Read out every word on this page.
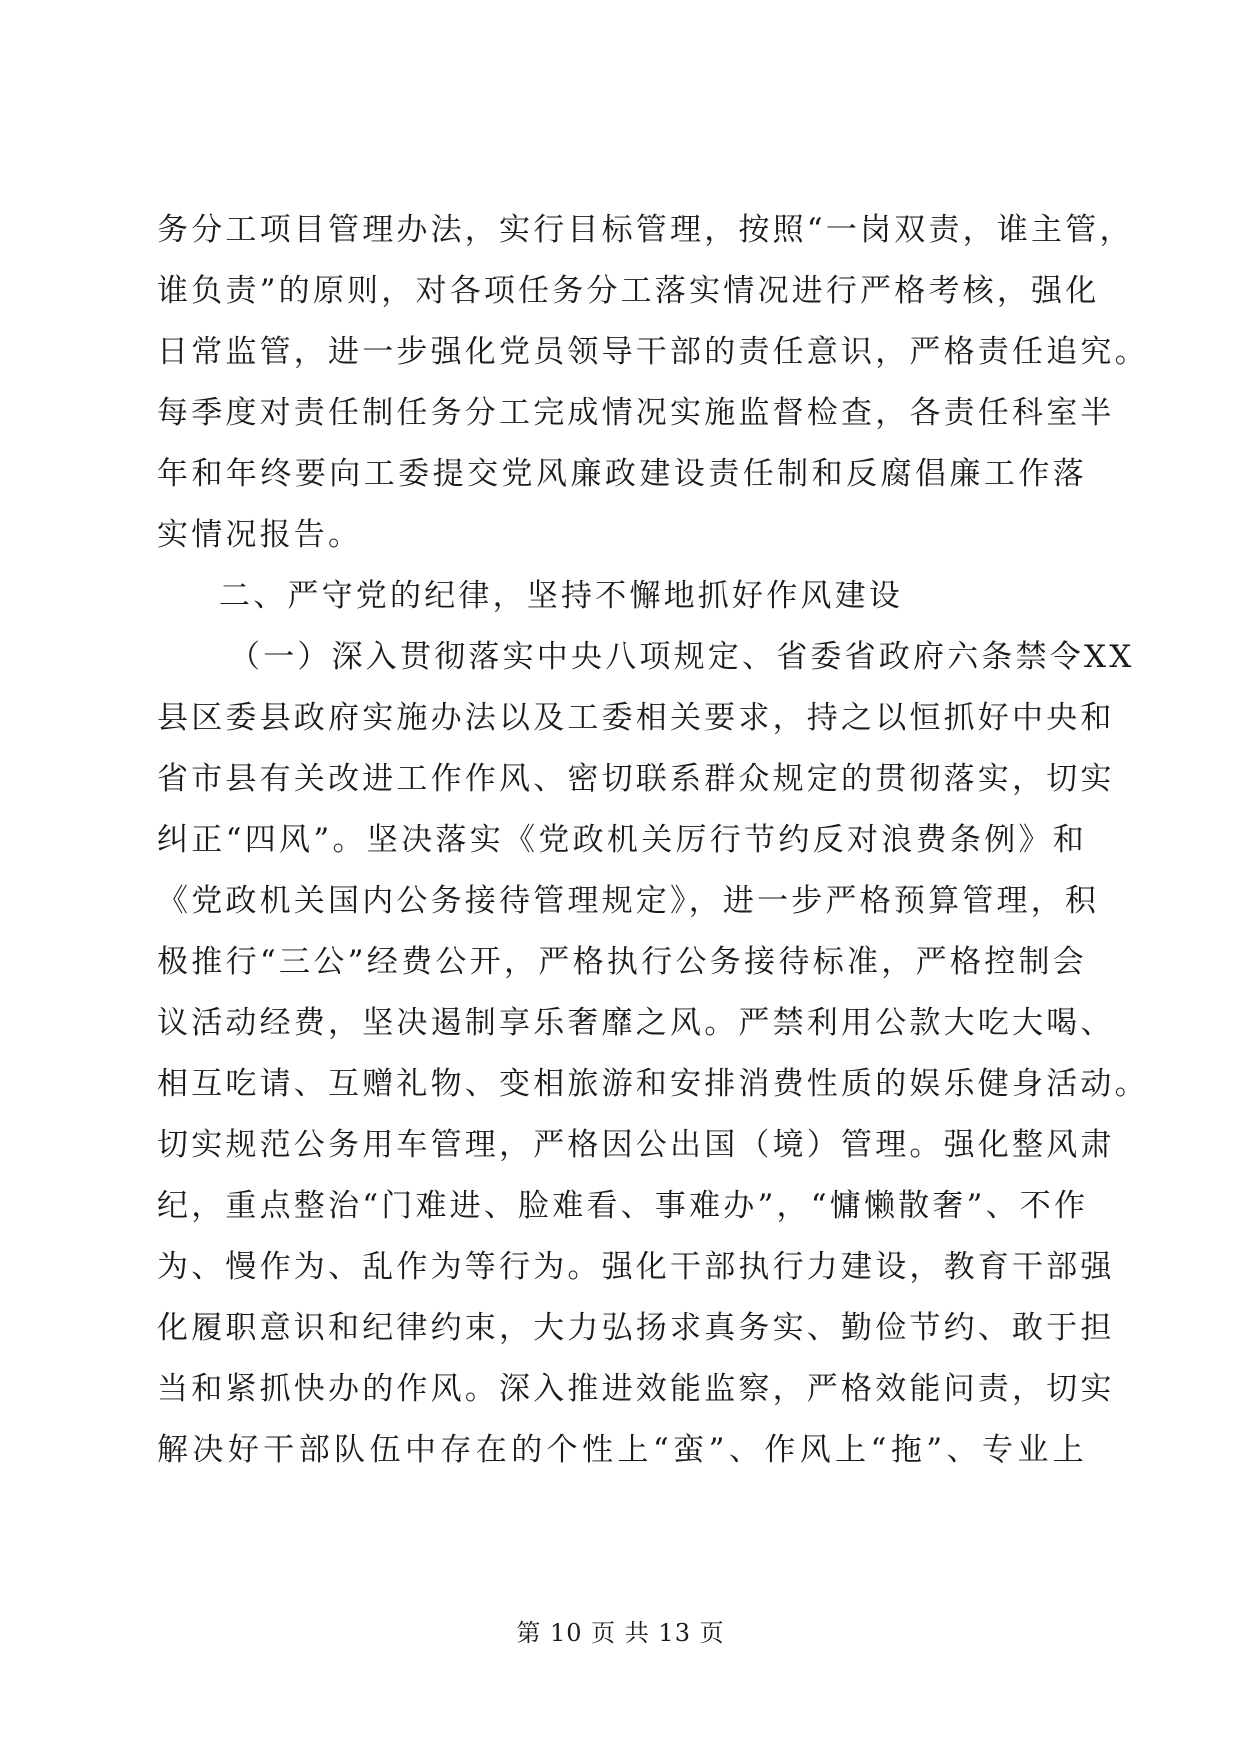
务分工项目管理办法，实行目标管理，按照“一岗双责，谁主管，
谁负责”的原则，对各项任务分工落实情况进行严格考核，强化
日常监管，进一步强化党员领导干部的责任意识，严格责任追究。
每季度对责任制任务分工完成情况实施监督检查，各责任科室半
年和年终要向工委提交党风廉政建设责任制和反腐倡廉工作落
实情况报告。
二、严守党的纪律，坚持不懈地抓好作风建设
（一）深入贯彻落实中央八项规定、省委省政府六条禁令XX
县区委县政府实施办法以及工委相关要求，持之以恒抓好中央和
省市县有关改进工作作风、密切联系群众规定的贯彻落实，切实
纠正“四风”。坚决落实《党政机关厉行节约反对浪费条例》和
《党政机关国内公务接待管理规定》，进一步严格预算管理，积
极推行“三公”经费公开，严格执行公务接待标准，严格控制会
议活动经费，坚决遏制享乐奢靡之风。严禁利用公款大吃大喝、
相互吃请、互赠礼物、变相旅游和安排消费性质的娱乐健身活动。
切实规范公务用车管理，严格因公出国（境）管理。强化整风肃
纪，重点整治“门难进、脸难看、事难办”，“慵懒散奢”、不作
为、慢作为、乱作为等行为。强化干部执行力建设，教育干部强
化履职意识和纪律约束，大力弘扬求真务实、勤俭节约、敢于担
当和紧抓快办的作风。深入推进效能监察，严格效能问责，切实
解决好干部队伍中存在的个性上“蛮”、作风上“拖”、专业上
第 10 页 共 13 页
